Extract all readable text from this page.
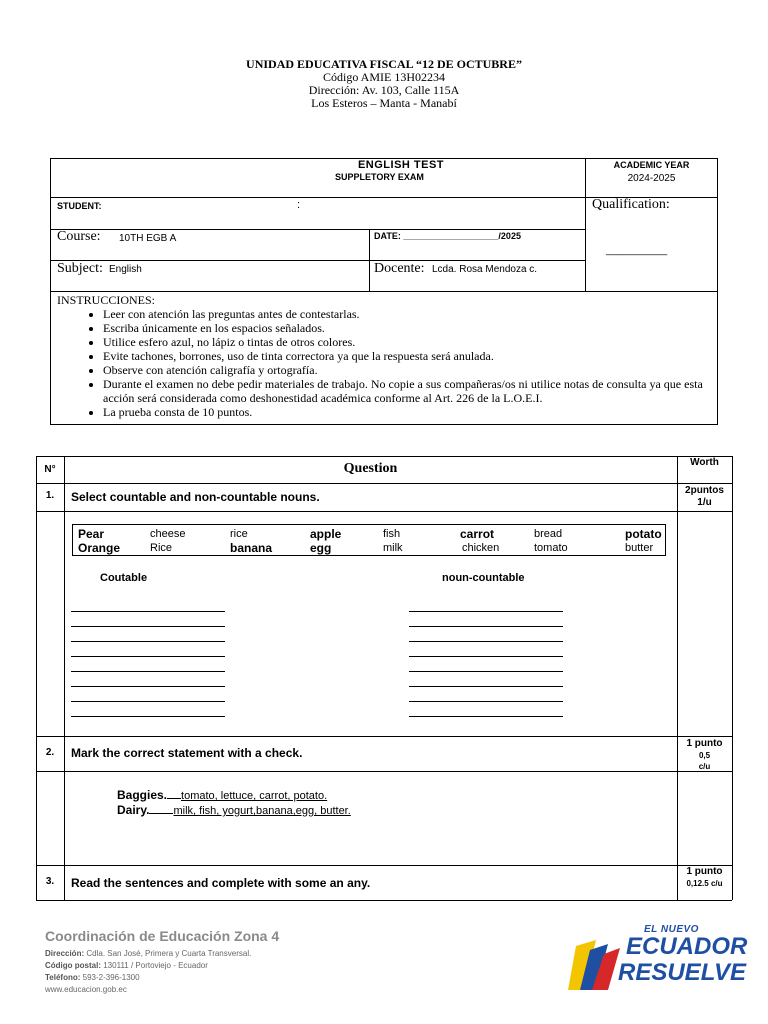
UNIDAD EDUCATIVA FISCAL “12 DE OCTUBRE”
Código AMIE 13H02234
Dirección: Av. 103, Calle 115A
Los Esteros – Manta - Manabí
ENGLISH TEST
SUPPLETORY EXAM
ACADEMIC YEAR
2024-2025
STUDENT:	:	Qualification:
___________
Course: 10TH EGB A	DATE: ___________________/2025
Subject: English	Docente: Lcda. Rosa Mendoza c.
INSTRUCCIONES:
• Leer con atención las preguntas antes de contestarlas.
• Escriba únicamente en los espacios señalados.
• Utilice esfero azul, no lápiz o tintas de otros colores.
• Evite tachones, borrones, uso de tinta correctora ya que la respuesta será anulada.
• Observe con atención caligrafía y ortografía.
• Durante el examen no debe pedir materiales de trabajo. No copie a sus compañeras/os ni utilice notas de consulta ya que esta acción será considerada como deshonestidad académica conforme al Art. 226 de la L.O.E.I.
• La prueba consta de 10 puntos.
N°	Question	Worth
1.	Select countable and non-countable nouns.	2puntos
1/u
Pear	cheese	rice	apple	fish	carrot	bread	potato
Orange	Rice	banana	egg	milk	chicken	tomato	butter
Coutable	noun-countable
2.	Mark the correct statement with a check.
1 punto
0,5 c/u
Baggies. tomato, lettuce, carrot, potato.
Dairy. milk, fish, yogurt,banana,egg, butter.
3.	Read the sentences and complete with some an any.
1 punto
0,12.5 c/u
Coordinación de Educación Zona 4
Dirección: Cdla. San José, Primera y Cuarta Transversal.
Código postal: 130111 / Portoviejo - Ecuador
Teléfono: 593-2-396-1300
www.educacion.gob.ec
EL NUEVO
ECUADOR
RESUELVE
